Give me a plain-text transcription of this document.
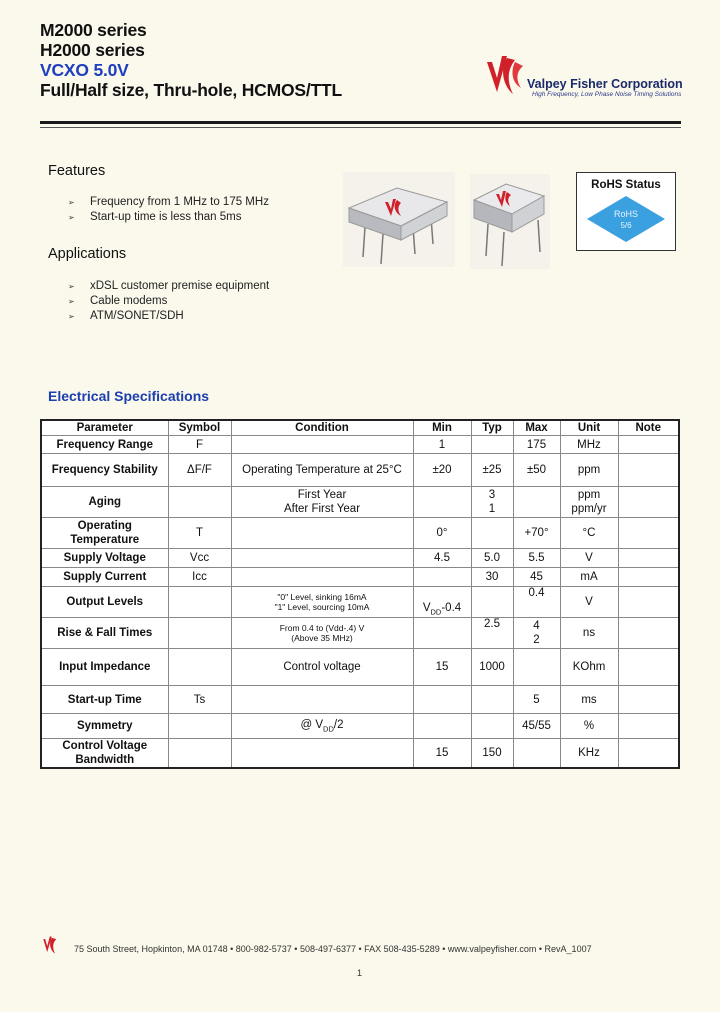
M2000 series
H2000 series
VCXO 5.0V
Full/Half size, Thru-hole, HCMOS/TTL	Valpey Fisher Corporation
High Frequency, Low Phase Noise Timing Solutions
Features
➢ Frequency from 1 MHz to 175 MHz
➢ Start-up time is less than 5ms
Applications
➢ xDSL customer premise equipment
➢ Cable modems
➢ ATM/SONET/SDH
RoHS Status
RoHS
5/6
Electrical Specifications
Parameter	Symbol	Condition	Min	Typ	Max	Unit	Note
Frequency Range	F		1		175	MHz	
Frequency Stability	ΔF/F	Operating Temperature at 25°C	±20	±25	±50	ppm	
Aging		First Year
After First Year		3
1		ppm
ppm/yr	

Operating Temperature	T		0°		+70°	°C	
Supply Voltage	Vcc		4.5	5.0	5.5	V	
Supply Current	Icc			30	45	mA	
Output Levels		"0" Level, sinking 16mA
"1" Level, sourcing 10mA	$V_{DD}-0.4$		0.4	V	
Rise & Fall Times		From 0.4 to (Vdd-.4) V
(Above 35 MHz)		2.5	4
2	ns	
Input Impedance		Control voltage	15	1000		KOhm	
Start-up Time	Ts				5	ms	
Symmetry		@ $V_{DD}/2$			45/55	%	
Control Voltage Bandwidth			15	150		KHz	
75 South Street, Hopkinton, MA 01748 • 800-982-5737 • 508-497-6377 • FAX 508-435-5289 • www.valpeyfisher.com • RevA_1007
1
